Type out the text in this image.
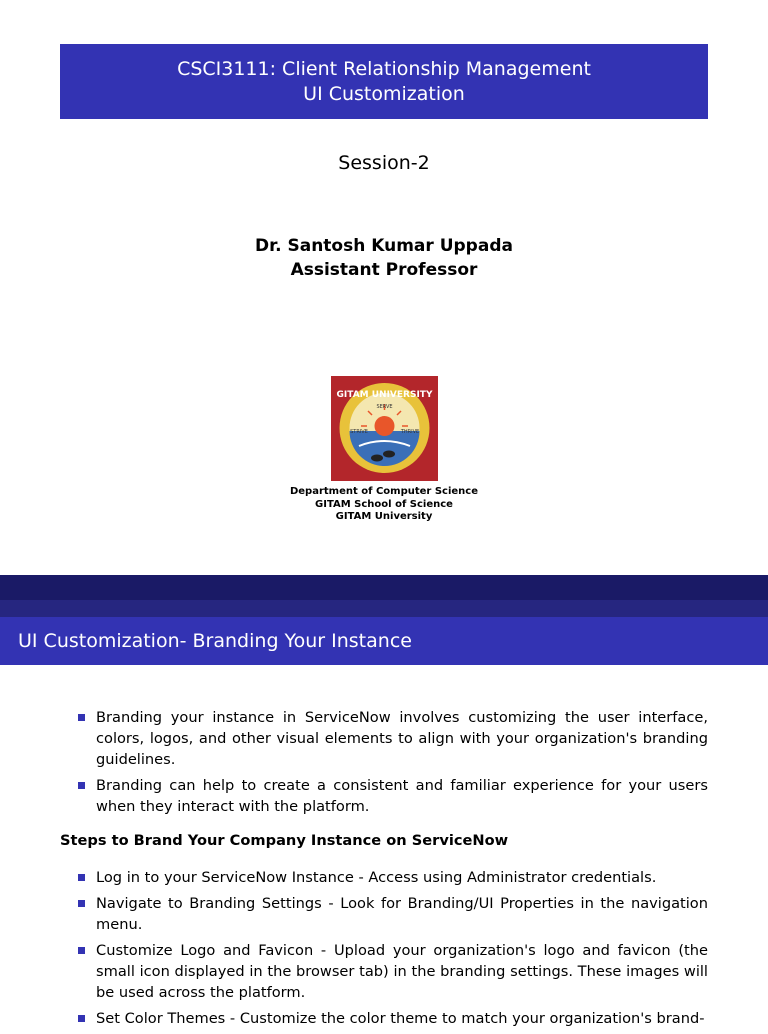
CSCI3111: Client Relationship Management
UI Customization
Session-2
Dr. Santosh Kumar Uppada
Assistant Professor
GITAM UNIVERSITY
STRIVE
SERVE
THRIVE
Department of Computer Science
GITAM School of Science
GITAM University
UI Customization- Branding Your Instance
Branding your instance in ServiceNow involves customizing the user interface, colors, logos, and other visual elements to align with your organization's branding guidelines.
Branding can help to create a consistent and familiar experience for your users when they interact with the platform.
Steps to Brand Your Company Instance on ServiceNow
Log in to your ServiceNow Instance - Access using Administrator credentials.
Navigate to Branding Settings - Look for Branding/UI Properties in the navigation menu.
Customize Logo and Favicon - Upload your organization's logo and favicon (the small icon displayed in the browser tab) in the branding settings. These images will be used across the platform.
Set Color Themes - Customize the color theme to match your organization's brand-
